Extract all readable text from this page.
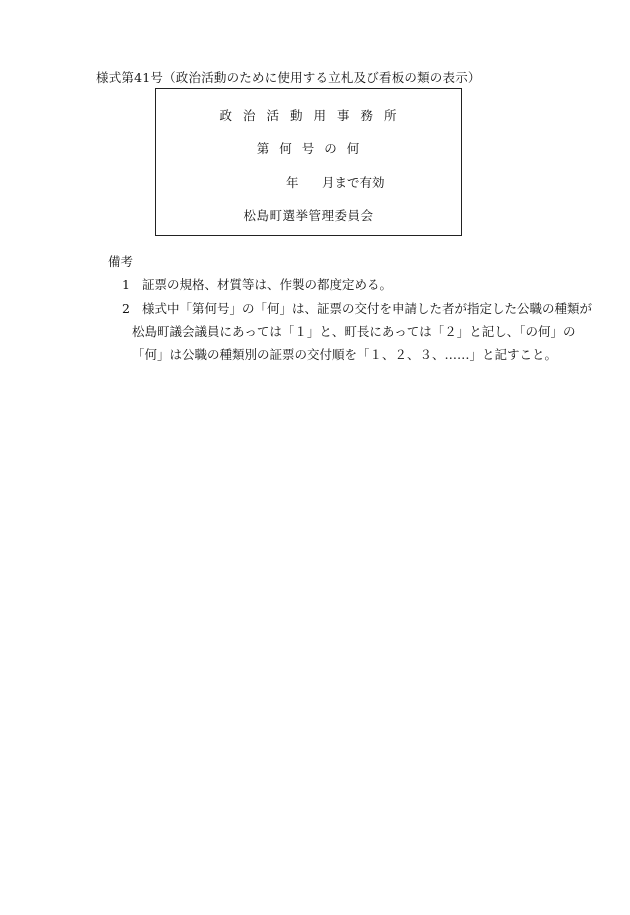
様式第41号（政治活動のために使用する立札及び看板の類の表示）
政治活動用事務所
第何号の何
年 月まで有効
松島町選挙管理委員会
備考
1 証票の規格、材質等は、作製の都度定める。
2 様式中「第何号」の「何」は、証票の交付を申請した者が指定した公職の種類が
松島町議会議員にあっては「１」と、町長にあっては「２」と記し、「の何」の
「何」は公職の種類別の証票の交付順を「１、２、３、……」と記すこと。
